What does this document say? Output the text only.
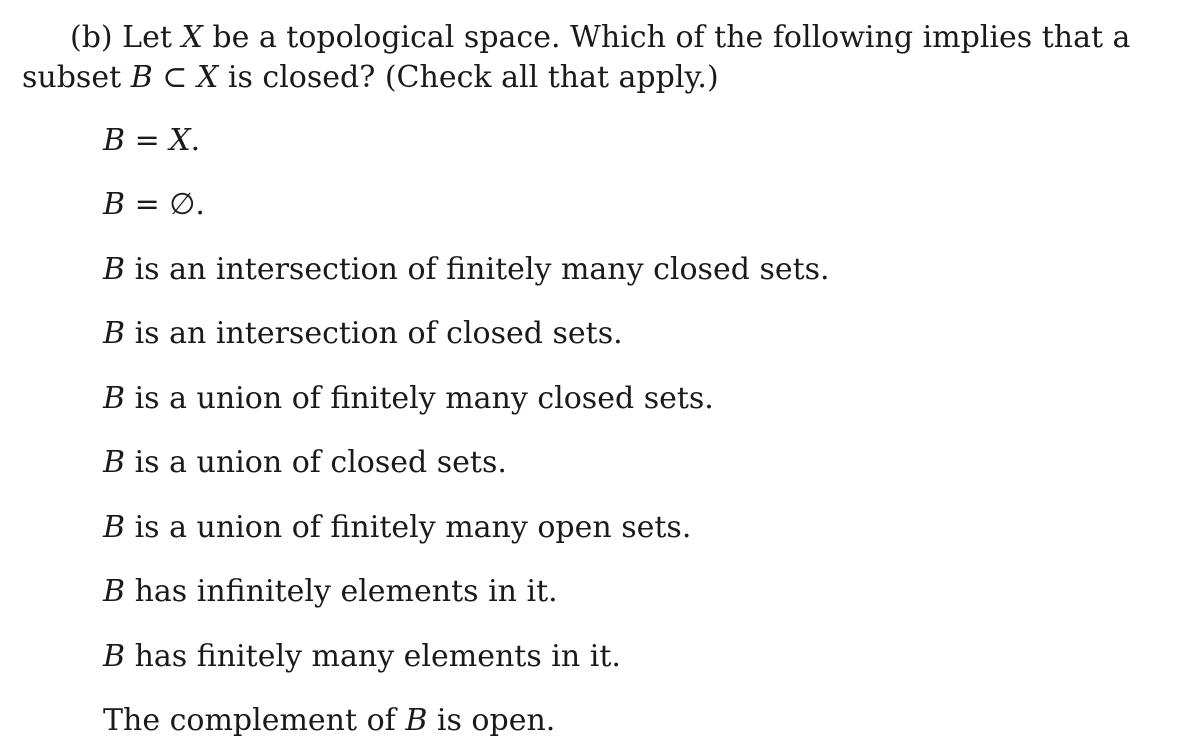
(b) Let X be a topological space. Which of the following implies that a subset B ⊂ X is closed? (Check all that apply.)
B = X.
B = ∅.
B is an intersection of finitely many closed sets.
B is an intersection of closed sets.
B is a union of finitely many closed sets.
B is a union of closed sets.
B is a union of finitely many open sets.
B has infinitely elements in it.
B has finitely many elements in it.
The complement of B is open.
